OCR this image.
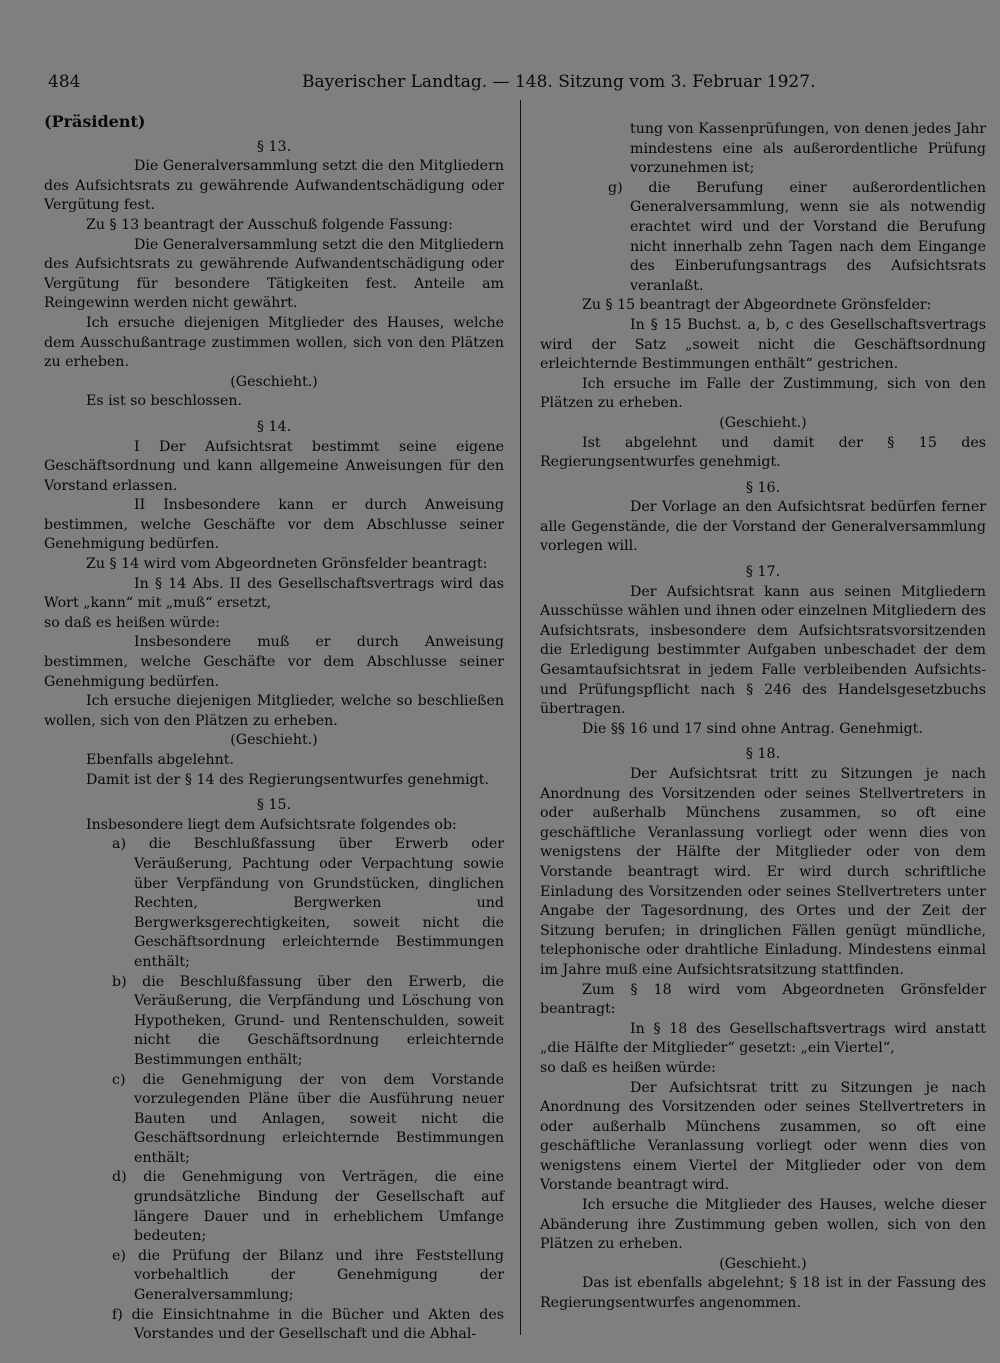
484	Bayerischer Landtag. — 148. Sitzung vom 3. Februar 1927.

(Präsident)

§ 13.

Die Generalversammlung setzt die den Mitgliedern des Aufsichtsrats zu gewährende Aufwandentschädigung oder Vergütung fest.

Zu § 13 beantragt der Ausschuß folgende Fassung:

Die Generalversammlung setzt die den Mitgliedern des Aufsichtsrats zu gewährende Aufwandentschädigung oder Vergütung für besondere Tätigkeiten fest. Anteile am Reingewinn werden nicht gewährt.

Ich ersuche diejenigen Mitglieder des Hauses, welche dem Ausschußantrage zustimmen wollen, sich von den Plätzen zu erheben.

(Geschieht.)

Es ist so beschlossen.

§ 14.

I Der Aufsichtsrat bestimmt seine eigene Geschäftsordnung und kann allgemeine Anweisungen für den Vorstand erlassen.

II Insbesondere kann er durch Anweisung bestimmen, welche Geschäfte vor dem Abschlusse seiner Genehmigung bedürfen.

Zu § 14 wird vom Abgeordneten Grönsfelder beantragt:

In § 14 Abs. II des Gesellschaftsvertrags wird das Wort „kann“ mit „muß“ ersetzt,

so daß es heißen würde:

Insbesondere muß er durch Anweisung bestimmen, welche Geschäfte vor dem Abschlusse seiner Genehmigung bedürfen.

Ich ersuche diejenigen Mitglieder, welche so beschließen wollen, sich von den Plätzen zu erheben.

(Geschieht.)

Ebenfalls abgelehnt.

Damit ist der § 14 des Regierungsentwurfes genehmigt.

§ 15.

Insbesondere liegt dem Aufsichtsrate folgendes ob:

a) die Beschlußfassung über Erwerb oder Veräußerung, Pachtung oder Verpachtung sowie über Verpfändung von Grundstücken, dinglichen Rechten, Bergwerken und Bergwerksgerechtigkeiten, soweit nicht die Geschäftsordnung erleichternde Bestimmungen enthält;

b) die Beschlußfassung über den Erwerb, die Veräußerung, die Verpfändung und Löschung von Hypotheken, Grund- und Rentenschulden, soweit nicht die Geschäftsordnung erleichternde Bestimmungen enthält;

c) die Genehmigung der von dem Vorstande vorzulegenden Pläne über die Ausführung neuer Bauten und Anlagen, soweit nicht die Geschäftsordnung erleichternde Bestimmungen enthält;

d) die Genehmigung von Verträgen, die eine grundsätzliche Bindung der Gesellschaft auf längere Dauer und in erheblichem Umfange bedeuten;

e) die Prüfung der Bilanz und ihre Feststellung vorbehaltlich der Genehmigung der Generalversammlung;

f) die Einsichtnahme in die Bücher und Akten des Vorstandes und der Gesellschaft und die Abhal-

tung von Kassenprüfungen, von denen jedes Jahr mindestens eine als außerordentliche Prüfung vorzunehmen ist;

g) die Berufung einer außerordentlichen Generalversammlung, wenn sie als notwendig erachtet wird und der Vorstand die Berufung nicht innerhalb zehn Tagen nach dem Eingange des Einberufungsantrags des Aufsichtsrats veranlaßt.

Zu § 15 beantragt der Abgeordnete Grönsfelder:

In § 15 Buchst. a, b, c des Gesellschaftsvertrags wird der Satz „soweit nicht die Geschäftsordnung erleichternde Bestimmungen enthält“ gestrichen.

Ich ersuche im Falle der Zustimmung, sich von den Plätzen zu erheben.

(Geschieht.)

Ist abgelehnt und damit der § 15 des Regierungsentwurfes genehmigt.

§ 16.

Der Vorlage an den Aufsichtsrat bedürfen ferner alle Gegenstände, die der Vorstand der Generalversammlung vorlegen will.

§ 17.

Der Aufsichtsrat kann aus seinen Mitgliedern Ausschüsse wählen und ihnen oder einzelnen Mitgliedern des Aufsichtsrats, insbesondere dem Aufsichtsratsvorsitzenden die Erledigung bestimmter Aufgaben unbeschadet der dem Gesamtaufsichtsrat in jedem Falle verbleibenden Aufsichts- und Prüfungspflicht nach § 246 des Handelsgesetzbuchs übertragen.

Die §§ 16 und 17 sind ohne Antrag. Genehmigt.

§ 18.

Der Aufsichtsrat tritt zu Sitzungen je nach Anordnung des Vorsitzenden oder seines Stellvertreters in oder außerhalb Münchens zusammen, so oft eine geschäftliche Veranlassung vorliegt oder wenn dies von wenigstens der Hälfte der Mitglieder oder von dem Vorstande beantragt wird. Er wird durch schriftliche Einladung des Vorsitzenden oder seines Stellvertreters unter Angabe der Tagesordnung, des Ortes und der Zeit der Sitzung berufen; in dringlichen Fällen genügt mündliche, telephonische oder drahtliche Einladung. Mindestens einmal im Jahre muß eine Aufsichtsratsitzung stattfinden.

Zum § 18 wird vom Abgeordneten Grönsfelder beantragt:

In § 18 des Gesellschaftsvertrags wird anstatt „die Hälfte der Mitglieder“ gesetzt: „ein Viertel“,

so daß es heißen würde:

Der Aufsichtsrat tritt zu Sitzungen je nach Anordnung des Vorsitzenden oder seines Stellvertreters in oder außerhalb Münchens zusammen, so oft eine geschäftliche Veranlassung vorliegt oder wenn dies von wenigstens einem Viertel der Mitglieder oder von dem Vorstande beantragt wird.

Ich ersuche die Mitglieder des Hauses, welche dieser Abänderung ihre Zustimmung geben wollen, sich von den Plätzen zu erheben.

(Geschieht.)

Das ist ebenfalls abgelehnt; § 18 ist in der Fassung des Regierungsentwurfes angenommen.
